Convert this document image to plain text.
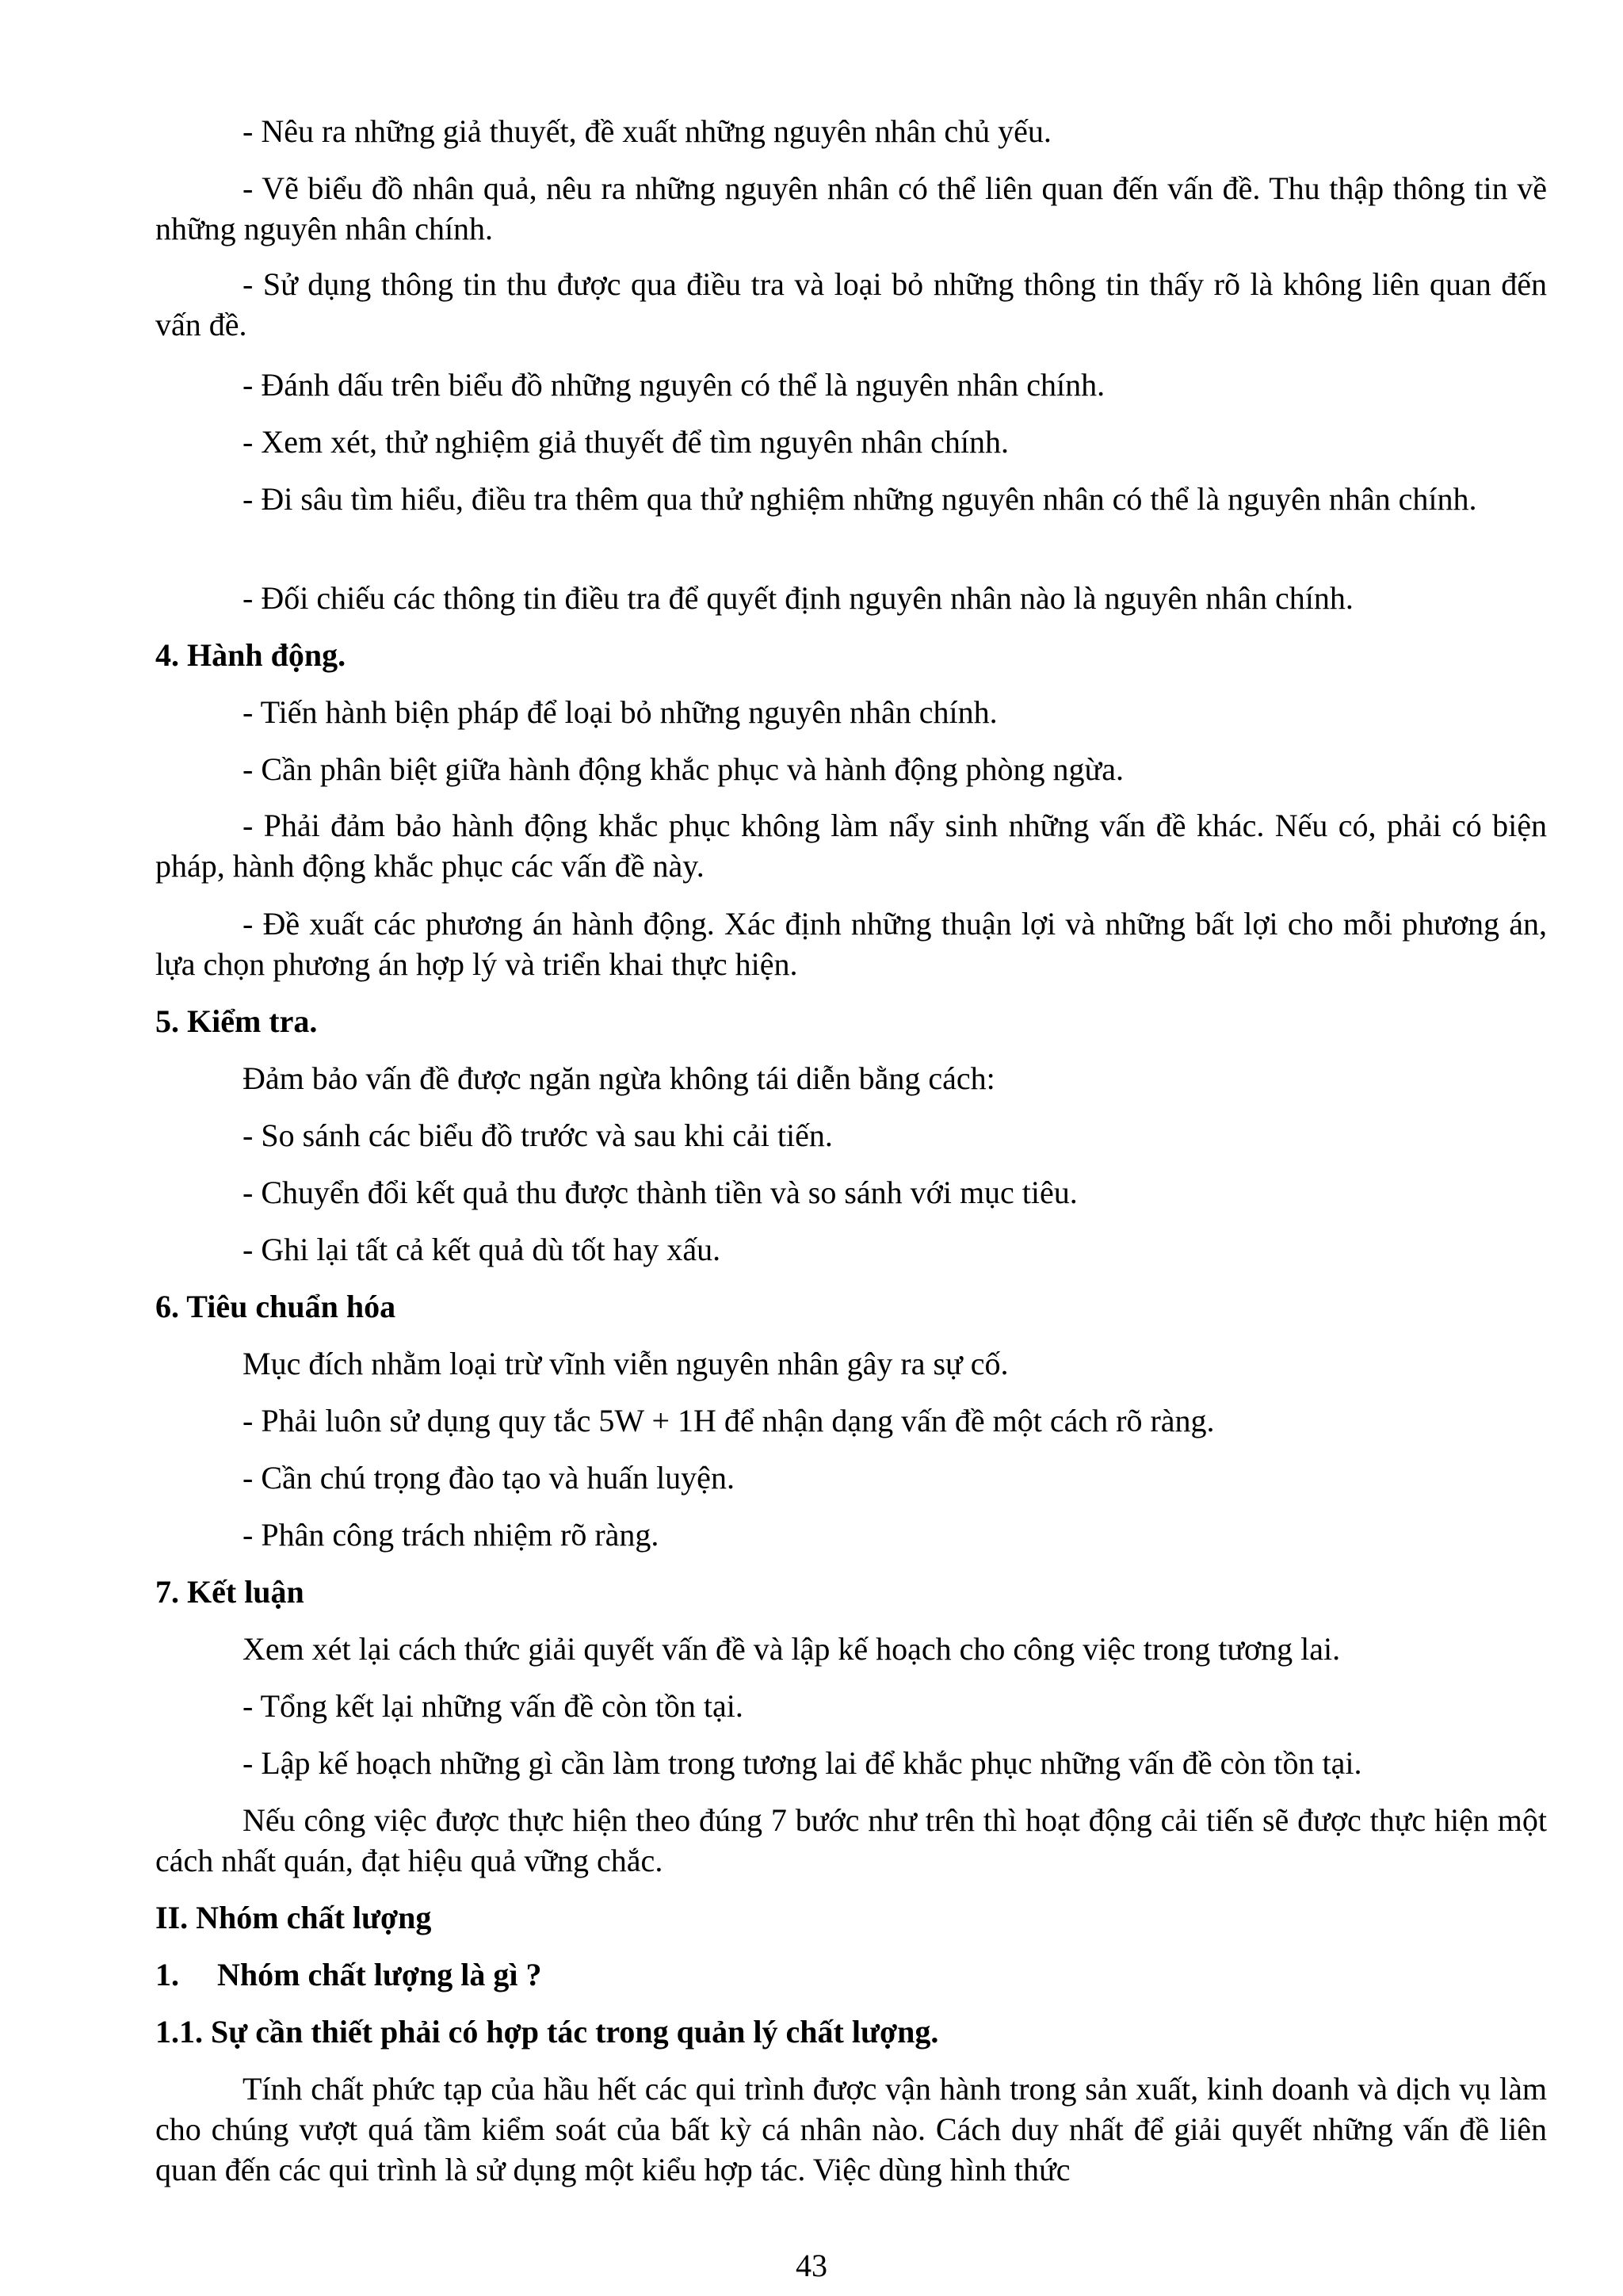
- Nêu ra những giả thuyết, đề xuất những nguyên nhân chủ yếu.

- Vẽ biểu đồ nhân quả, nêu ra những nguyên nhân có thể liên quan đến vấn đề. Thu thập thông tin về những nguyên nhân chính.

- Sử dụng thông tin thu được qua điều tra và loại bỏ những thông tin thấy rõ là không liên quan đến vấn đề.

- Đánh dấu trên biểu đồ những nguyên có thể là nguyên nhân chính.

- Xem xét, thử nghiệm giả thuyết để tìm nguyên nhân chính.

- Đi sâu tìm hiểu, điều tra thêm qua thử nghiệm những nguyên nhân có thể là nguyên nhân chính.

- Đối chiếu các thông tin điều tra để quyết định nguyên nhân nào là nguyên nhân chính.

4. Hành động.

- Tiến hành biện pháp để loại bỏ những nguyên nhân chính.

- Cần phân biệt giữa hành động khắc phục và hành động phòng ngừa.

- Phải đảm bảo hành động khắc phục không làm nẩy sinh những vấn đề khác. Nếu có, phải có biện pháp, hành động khắc phục các vấn đề này.

- Đề xuất các phương án hành động. Xác định những thuận lợi và những bất lợi cho mỗi phương án, lựa chọn phương án hợp lý và triển khai thực hiện.

5. Kiểm tra.

Đảm bảo vấn đề được ngăn ngừa không tái diễn bằng cách:

- So sánh các biểu đồ trước và sau khi cải tiến.

- Chuyển đổi kết quả thu được thành tiền và so sánh với mục tiêu.

- Ghi lại tất cả kết quả dù tốt hay xấu.

6. Tiêu chuẩn hóa

Mục đích nhằm loại trừ vĩnh viễn nguyên nhân gây ra sự cố.

- Phải luôn sử dụng quy tắc 5W + 1H để nhận dạng vấn đề một cách rõ ràng.

- Cần chú trọng đào tạo và huấn luyện.

- Phân công trách nhiệm rõ ràng.

7. Kết luận

Xem xét lại cách thức giải quyết vấn đề và lập kế hoạch cho công việc trong tương lai.

- Tổng kết lại những vấn đề còn tồn tại.

- Lập kế hoạch những gì cần làm trong tương lai để khắc phục những vấn đề còn tồn tại.

Nếu công việc được thực hiện theo đúng 7 bước như trên thì hoạt động cải tiến sẽ được thực hiện một cách nhất quán, đạt hiệu quả vững chắc.

II. Nhóm chất lượng

1. Nhóm chất lượng là gì ?

1.1. Sự cần thiết phải có hợp tác trong quản lý chất lượng.

Tính chất phức tạp của hầu hết các qui trình được vận hành trong sản xuất, kinh doanh và dịch vụ làm cho chúng vượt quá tầm kiểm soát của bất kỳ cá nhân nào. Cách duy nhất để giải quyết những vấn đề liên quan đến các qui trình là sử dụng một kiểu hợp tác. Việc dùng hình thức

43
